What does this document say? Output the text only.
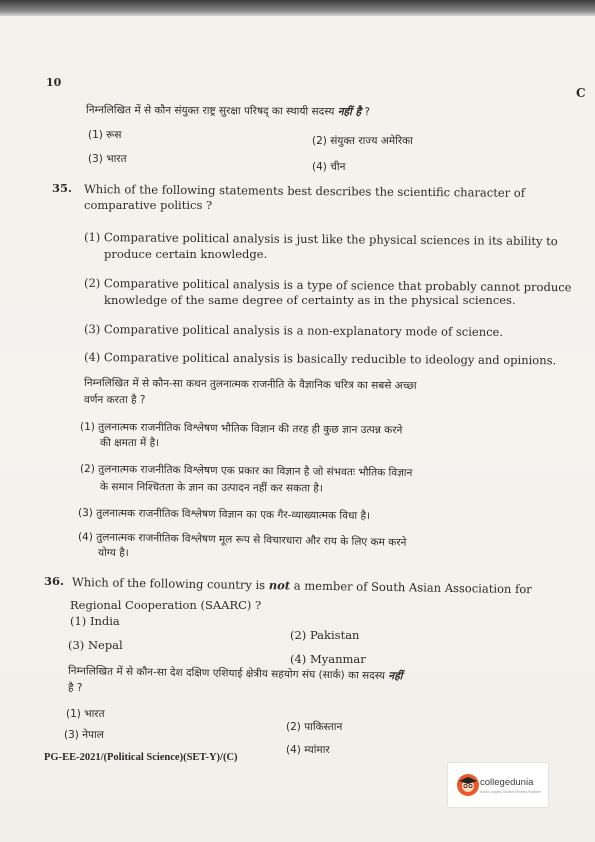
10
C
निम्नलिखित में से कौन संयुक्त राष्ट्र सुरक्षा परिषद् का स्थायी सदस्य नहीं है ?
(1) रूस	(2) संयुक्त राज्य अमेरिका
(3) भारत
(4) चीन
35. Which of the following statements best describes the scientific character of
comparative politics ?
(1) Comparative political analysis is just like the physical sciences in its ability to
produce certain knowledge.
(2) Comparative political analysis is a type of science that probably cannot produce
knowledge of the same degree of certainty as in the physical sciences.
(3) Comparative political analysis is a non-explanatory mode of science.
(4) Comparative political analysis is basically reducible to ideology and opinions.
निम्नलिखित में से कौन-सा कथन तुलनात्मक राजनीति के वैज्ञानिक चरित्र का सबसे अच्छा
वर्णन करता है ?
(1) तुलनात्मक राजनीतिक विश्लेषण भौतिक विज्ञान की तरह ही कुछ ज्ञान उत्पन्न करने
की क्षमता में है।
(2) तुलनात्मक राजनीतिक विश्लेषण एक प्रकार का विज्ञान है जो संभवतः भौतिक विज्ञान
के समान निश्चितता के ज्ञान का उत्पादन नहीं कर सकता है।
(3) तुलनात्मक राजनीतिक विश्लेषण विज्ञान का एक गैर-व्याख्यात्मक विधा है।
(4) तुलनात्मक राजनीतिक विश्लेषण मूल रूप से विचारधारा और राय के लिए कम करने
योग्य है।
36. Which of the following country is not a member of South Asian Association for
Regional Cooperation (SAARC) ?
(1) India
(2) Pakistan
(3) Nepal
(4) Myanmar
निम्नलिखित में से कौन-सा देश दक्षिण एशियाई क्षेत्रीय सहयोग संघ (सार्क) का सदस्य नहीं
है ?
(1) भारत
(2) पाकिस्तान
(3) नेपाल
(4) म्यांमार
PG-EE-2021/(Political Science)(SET-Y)/(C)
collegedunia
India's largest Student Review Platform
